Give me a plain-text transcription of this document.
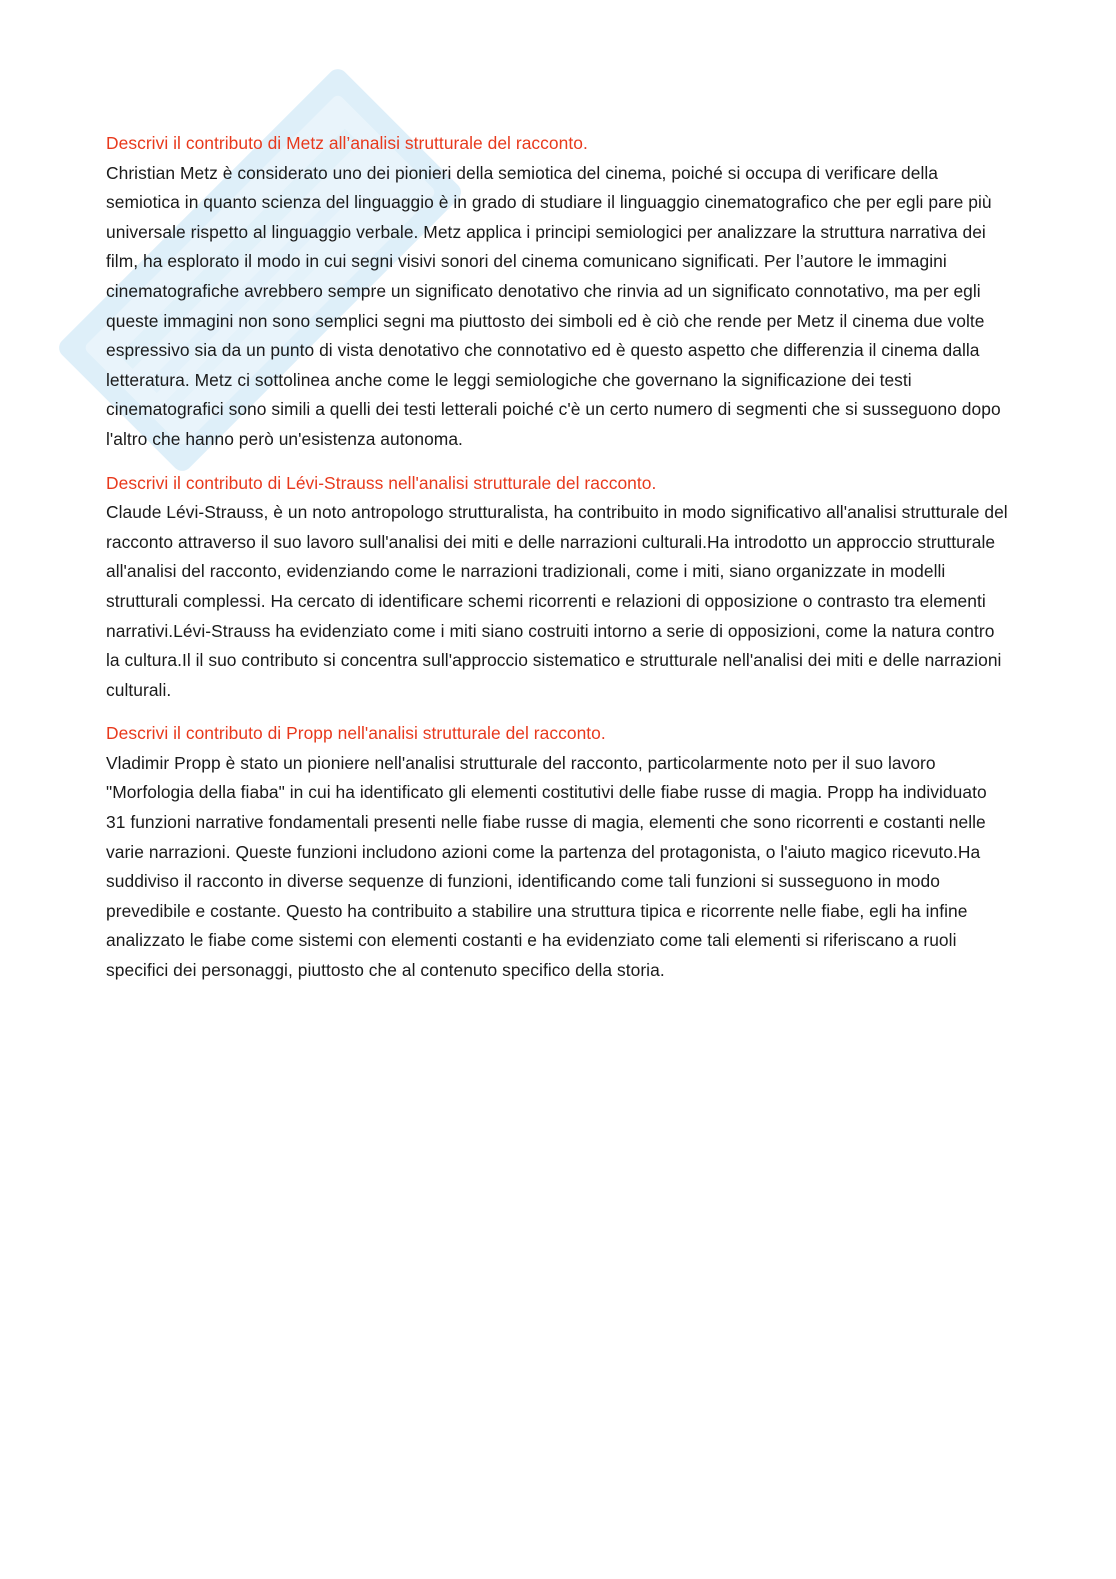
Descrivi il contributo di Metz all’analisi strutturale del racconto.

Christian Metz è considerato uno dei pionieri della semiotica del cinema, poiché si occupa di verificare della semiotica in quanto scienza del linguaggio è in grado di studiare il linguaggio cinematografico che per egli pare più universale rispetto al linguaggio verbale. Metz applica i principi semiologici per analizzare la struttura narrativa dei film, ha esplorato il modo in cui segni visivi sonori del cinema comunicano significati. Per l’autore le immagini cinematografiche avrebbero sempre un significato denotativo che rinvia ad un significato connotativo, ma per egli queste immagini non sono semplici segni ma piuttosto dei simboli ed è ciò che rende per Metz il cinema due volte espressivo sia da un punto di vista denotativo che connotativo ed è questo aspetto che differenzia il cinema dalla letteratura. Metz ci sottolinea anche come le leggi semiologiche che governano la significazione dei testi cinematografici sono simili a quelli dei testi letterali poiché c'è un certo numero di segmenti che si susseguono dopo l'altro che hanno però un'esistenza autonoma.

Descrivi il contributo di Lévi-Strauss nell'analisi strutturale del racconto.

Claude Lévi-Strauss, è un noto antropologo strutturalista, ha contribuito in modo significativo all'analisi strutturale del racconto attraverso il suo lavoro sull'analisi dei miti e delle narrazioni culturali.Ha introdotto un approccio strutturale all'analisi del racconto, evidenziando come le narrazioni tradizionali, come i miti, siano organizzate in modelli strutturali complessi. Ha cercato di identificare schemi ricorrenti e relazioni di opposizione o contrasto tra elementi narrativi.Lévi-Strauss ha evidenziato come i miti siano costruiti intorno a serie di opposizioni, come la natura contro la cultura.Il il suo contributo si concentra sull'approccio sistematico e strutturale nell'analisi dei miti e delle narrazioni culturali.

Descrivi il contributo di Propp nell'analisi strutturale del racconto.

Vladimir Propp è stato un pioniere nell'analisi strutturale del racconto, particolarmente noto per il suo lavoro "Morfologia della fiaba" in cui ha identificato gli elementi costitutivi delle fiabe russe di magia. Propp ha individuato 31 funzioni narrative fondamentali presenti nelle fiabe russe di magia, elementi che sono ricorrenti e costanti nelle varie narrazioni. Queste funzioni includono azioni come la partenza del protagonista, o l'aiuto magico ricevuto.Ha suddiviso il racconto in diverse sequenze di funzioni, identificando come tali funzioni si susseguono in modo prevedibile e costante. Questo ha contribuito a stabilire una struttura tipica e ricorrente nelle fiabe, egli ha infine analizzato le fiabe come sistemi con elementi costanti e ha evidenziato come tali elementi si riferiscano a ruoli specifici dei personaggi, piuttosto che al contenuto specifico della storia.
